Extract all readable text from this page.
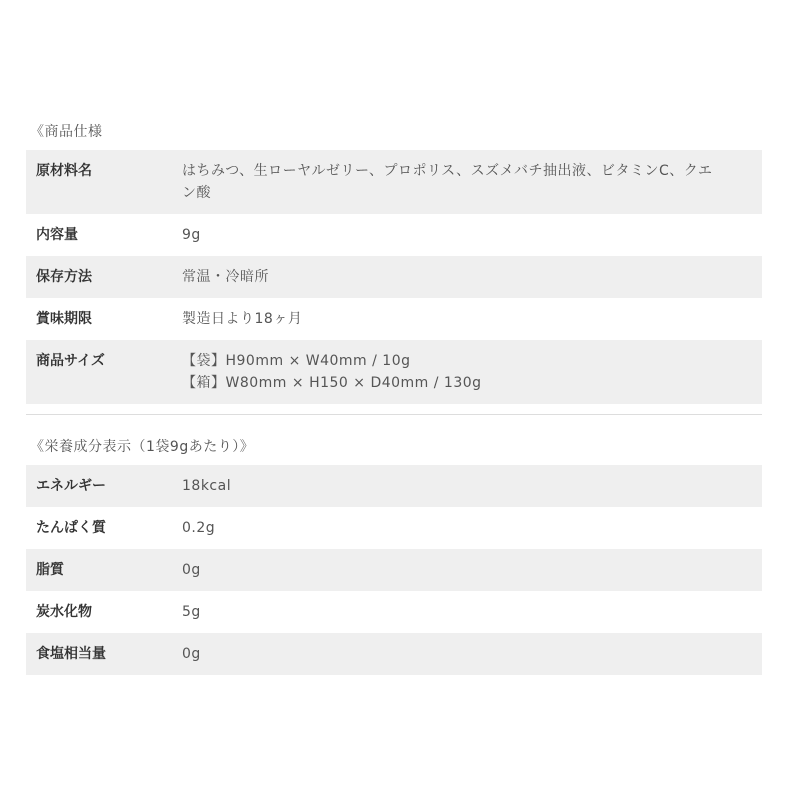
《商品仕様
原材料名	はちみつ、生ローヤルゼリー、プロポリス、スズメバチ抽出液、ビタミンC、クエ
ン酸

内容量	9g
保存方法	常温・冷暗所
賞味期限	製造日より18ヶ月
商品サイズ	【袋】H90mm × W40mm / 10g
【箱】W80mm × H150 × D40mm / 130g
《栄養成分表示（1袋9gあたり）》
エネルギー	18kcal
たんぱく質	0.2g
脂質	0g
炭水化物	5g
食塩相当量	0g
